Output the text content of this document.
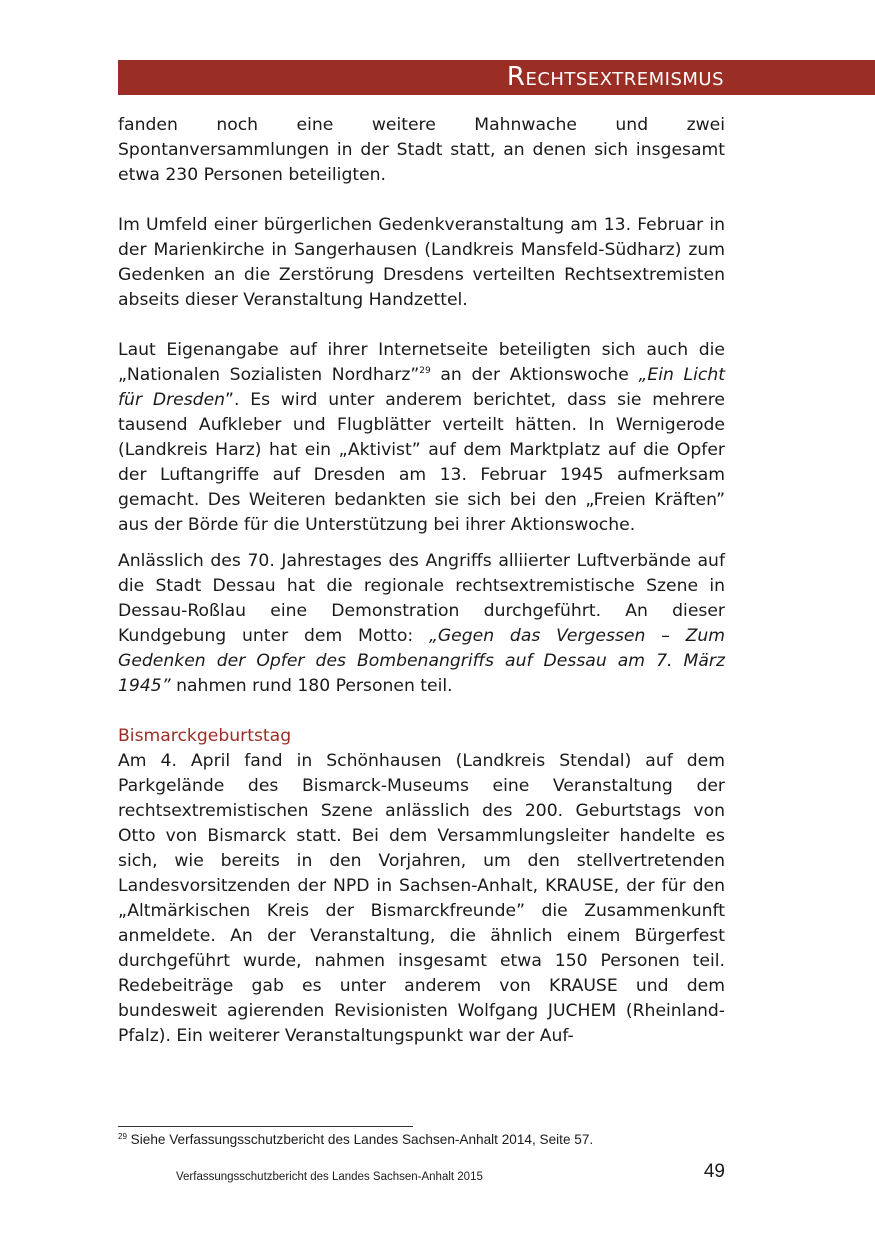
Rechtsextremismus

fanden noch eine weitere Mahnwache und zwei Spontanversammlungen in der Stadt statt, an denen sich insgesamt etwa 230 Personen beteiligten.

Im Umfeld einer bürgerlichen Gedenkveranstaltung am 13. Februar in der Marienkirche in Sangerhausen (Landkreis Mansfeld-Südharz) zum Gedenken an die Zerstörung Dresdens verteilten Rechtsextremisten abseits dieser Veranstaltung Handzettel.

Laut Eigenangabe auf ihrer Internetseite beteiligten sich auch die „Nationalen Sozialisten Nordharz”$^{29}$ an der Aktionswoche „Ein Licht für Dresden”. Es wird unter anderem berichtet, dass sie mehrere tausend Aufkleber und Flugblätter verteilt hätten. In Wernigerode (Landkreis Harz) hat ein „Aktivist” auf dem Marktplatz auf die Opfer der Luftangriffe auf Dresden am 13. Februar 1945 aufmerksam gemacht. Des Weiteren bedankten sie sich bei den „Freien Kräften” aus der Börde für die Unterstützung bei ihrer Aktionswoche.

Anlässlich des 70. Jahrestages des Angriffs alliierter Luftverbände auf die Stadt Dessau hat die regionale rechtsextremistische Szene in Dessau-Roßlau eine Demonstration durchgeführt. An dieser Kundgebung unter dem Motto: „Gegen das Vergessen – Zum Gedenken der Opfer des Bombenangriffs auf Dessau am 7. März 1945” nahmen rund 180 Personen teil.

Bismarckgeburtstag

Am 4. April fand in Schönhausen (Landkreis Stendal) auf dem Parkgelände des Bismarck-Museums eine Veranstaltung der rechtsextremistischen Szene anlässlich des 200. Geburtstags von Otto von Bismarck statt. Bei dem Versammlungsleiter handelte es sich, wie bereits in den Vorjahren, um den stellvertretenden Landesvorsitzenden der NPD in Sachsen-Anhalt, KRAUSE, der für den „Altmärkischen Kreis der Bismarckfreunde” die Zusammenkunft anmeldete. An der Veranstaltung, die ähnlich einem Bürgerfest durchgeführt wurde, nahmen insgesamt etwa 150 Personen teil. Redebeiträge gab es unter anderem von KRAUSE und dem bundesweit agierenden Revisionisten Wolfgang JUCHEM (Rheinland-Pfalz). Ein weiterer Veranstaltungspunkt war der Auf-

$^{29}$ Siehe Verfassungsschutzbericht des Landes Sachsen-Anhalt 2014, Seite 57.
Verfassungsschutzbericht des Landes Sachsen-Anhalt 2015	49
